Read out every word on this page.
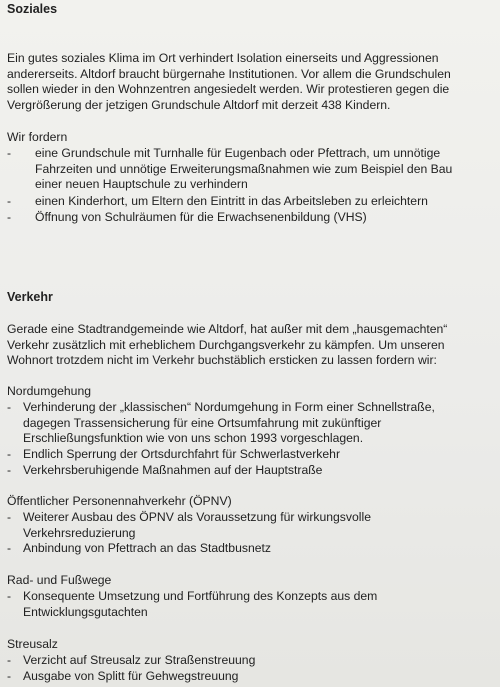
Soziales
Ein gutes soziales Klima im Ort verhindert Isolation einerseits und Aggressionen
andererseits. Altdorf braucht bürgernahe Institutionen. Vor allem die Grundschulen
sollen wieder in den Wohnzentren angesiedelt werden. Wir protestieren gegen die
Vergrößerung der jetzigen Grundschule Altdorf mit derzeit 438 Kindern.
Wir fordern
- eine Grundschule mit Turnhalle für Eugenbach oder Pfettrach, um unnötige
Fahrzeiten und unnötige Erweiterungsmaßnahmen wie zum Beispiel den Bau
einer neuen Hauptschule zu verhindern
- einen Kinderhort, um Eltern den Eintritt in das Arbeitsleben zu erleichtern
- Öffnung von Schulräumen für die Erwachsenenbildung (VHS)
Verkehr
Gerade eine Stadtrandgemeinde wie Altdorf, hat außer mit dem „hausgemachten“
Verkehr zusätzlich mit erheblichem Durchgangsverkehr zu kämpfen. Um unseren
Wohnort trotzdem nicht im Verkehr buchstäblich ersticken zu lassen fordern wir:
Nordumgehung
- Verhinderung der „klassischen“ Nordumgehung in Form einer Schnellstraße,
dagegen Trassensicherung für eine Ortsumfahrung mit zukünftiger
Erschließungsfunktion wie von uns schon 1993 vorgeschlagen.
- Endlich Sperrung der Ortsdurchfahrt für Schwerlastverkehr
- Verkehrsberuhigende Maßnahmen auf der Hauptstraße
Öffentlicher Personennahverkehr (ÖPNV)
- Weiterer Ausbau des ÖPNV als Voraussetzung für wirkungsvolle
Verkehrsreduzierung
- Anbindung von Pfettrach an das Stadtbusnetz
Rad- und Fußwege
- Konsequente Umsetzung und Fortführung des Konzepts aus dem
Entwicklungsgutachten
Streusalz
- Verzicht auf Streusalz zur Straßenstreuung
- Ausgabe von Splitt für Gehwegstreuung
